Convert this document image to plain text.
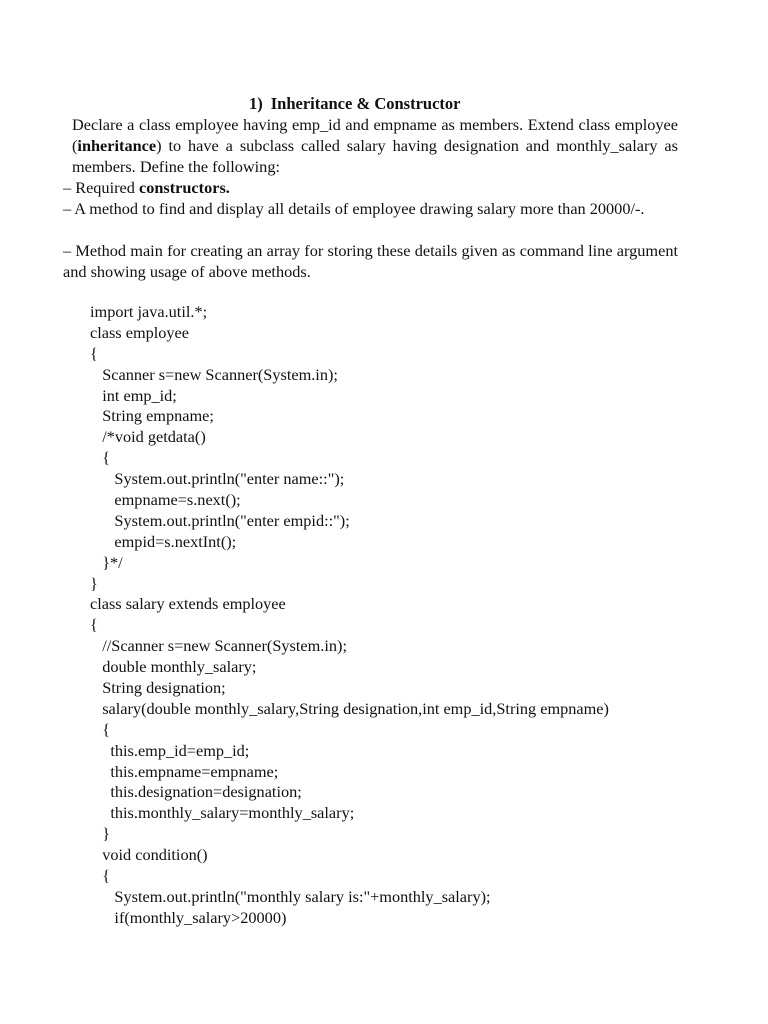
1) Inheritance & Constructor
Declare a class employee having emp_id and empname as members. Extend class employee (inheritance) to have a subclass called salary having designation and monthly_salary as members. Define the following:
– Required constructors.
– A method to find and display all details of employee drawing salary more than 20000/-.
– Method main for creating an array for storing these details given as command line argument and showing usage of above methods.
import java.util.*;
class employee
{
Scanner s=new Scanner(System.in);
int emp_id;
String empname;
/*void getdata()
{
System.out.println("enter name::");
empname=s.next();
System.out.println("enter empid::");
empid=s.nextInt();
}*/
}
class salary extends employee
{
//Scanner s=new Scanner(System.in);
double monthly_salary;
String designation;
salary(double monthly_salary,String designation,int emp_id,String empname)
{
this.emp_id=emp_id;
this.empname=empname;
this.designation=designation;
this.monthly_salary=monthly_salary;
}
void condition()
{
System.out.println("monthly salary is:"+monthly_salary);
if(monthly_salary>20000)
